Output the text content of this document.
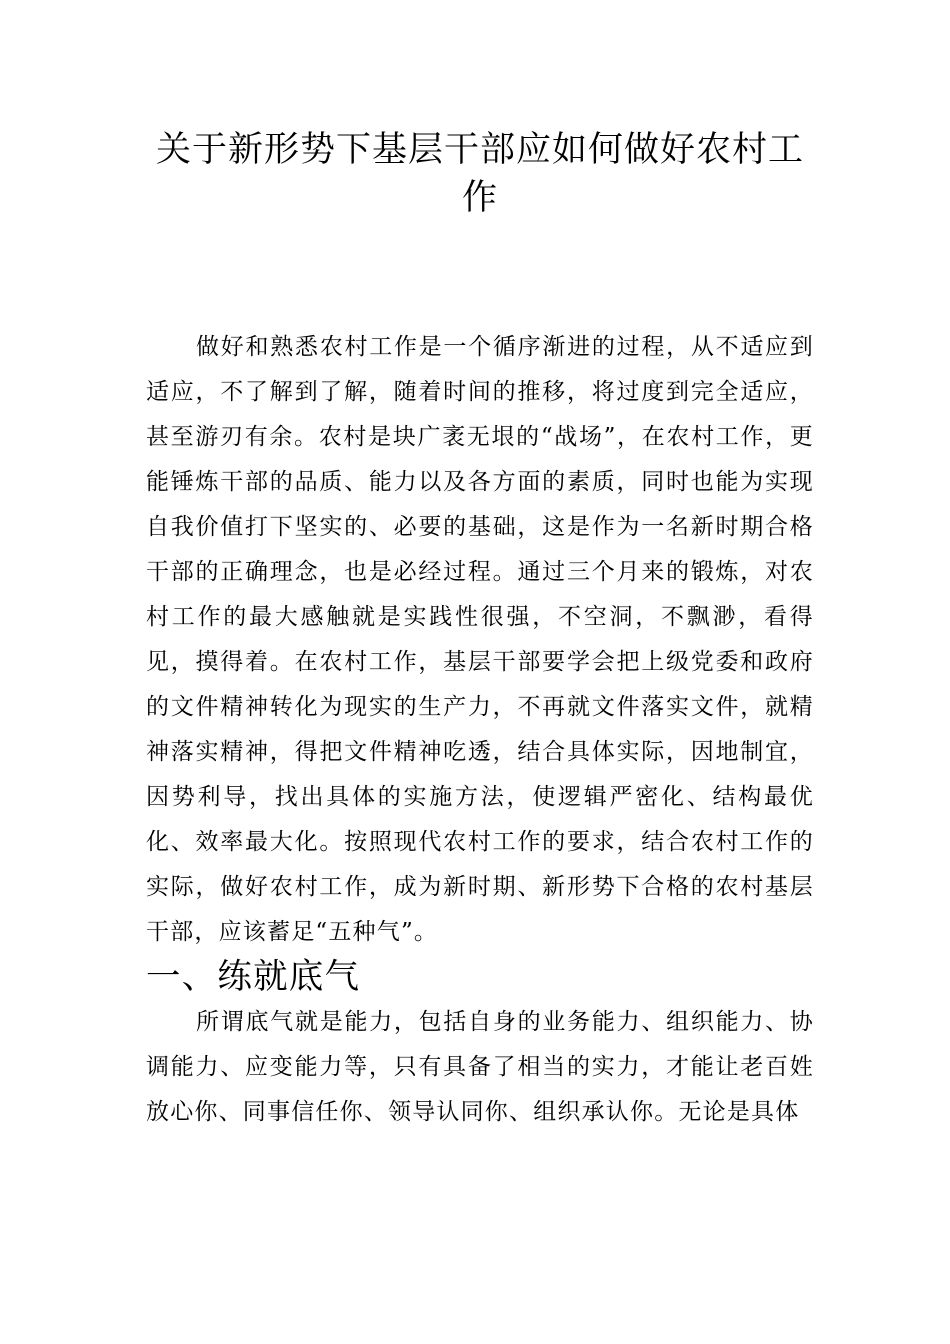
关于新形势下基层干部应如何做好农村工
作

做好和熟悉农村工作是一个循序渐进的过程，从不适应到适应，不了解到了解，随着时间的推移，将过度到完全适应，甚至游刃有余。农村是块广袤无垠的“战场”，在农村工作，更能锤炼干部的品质、能力以及各方面的素质，同时也能为实现自我价值打下坚实的、必要的基础，这是作为一名新时期合格干部的正确理念，也是必经过程。通过三个月来的锻炼，对农村工作的最大感触就是实践性很强，不空洞，不飘渺，看得见，摸得着。在农村工作，基层干部要学会把上级党委和政府的文件精神转化为现实的生产力，不再就文件落实文件，就精神落实精神，得把文件精神吃透，结合具体实际，因地制宜，因势利导，找出具体的实施方法，使逻辑严密化、结构最优化、效率最大化。按照现代农村工作的要求，结合农村工作的实际，做好农村工作，成为新时期、新形势下合格的农村基层干部，应该蓄足“五种气”。

一、练就底气

所谓底气就是能力，包括自身的业务能力、组织能力、协调能力、应变能力等，只有具备了相当的实力，才能让老百姓放心你、同事信任你、领导认同你、组织承认你。无论是具体
